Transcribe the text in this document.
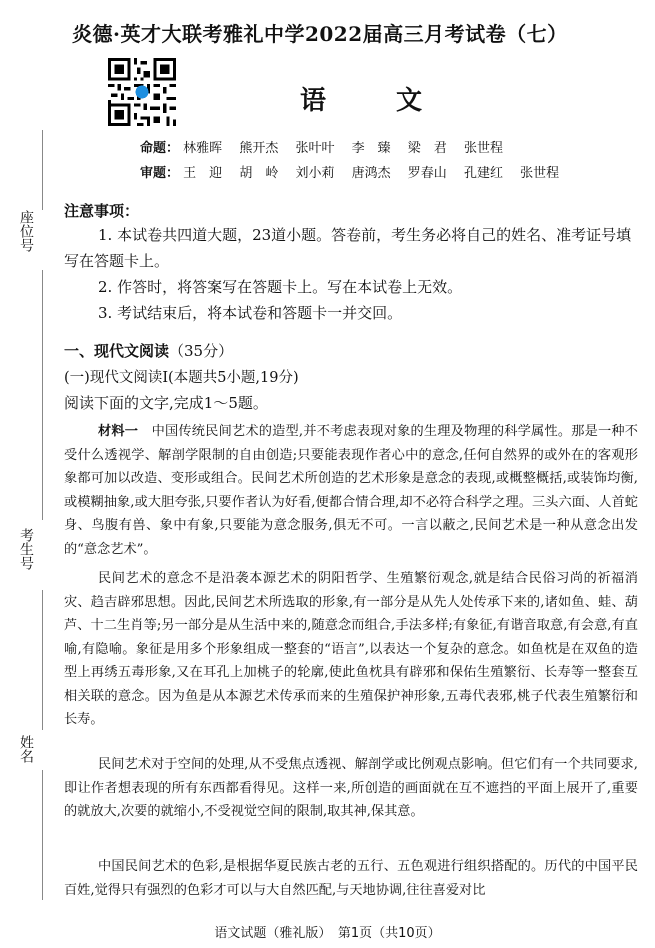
炎德·英才大联考雅礼中学2022届高三月考试卷（七）
语　文
命题： 林雅晖 熊开杰 张叶叶 李　臻 梁　君 张世程
审题： 王　迎 胡　岭 刘小莉 唐鸿杰 罗春山 孔建红 张世程
座位号
考生号
姓名
注意事项：
1. 本试卷共四道大题，23道小题。答卷前，考生务必将自己的姓名、准考证号填写在答题卡上。
2. 作答时，将答案写在答题卡上。写在本试卷上无效。
3. 考试结束后，将本试卷和答题卡一并交回。
一、现代文阅读（35分）
(一)现代文阅读Ⅰ(本题共5小题,19分)
阅读下面的文字,完成1～5题。
材料一　 中国传统民间艺术的造型,并不考虑表现对象的生理及物理的科学属性。那是一种不受什么透视学、解剖学限制的自由创造;只要能表现作者心中的意念,任何自然界的或外在的客观形象都可加以改造、变形或组合。民间艺术所创造的艺术形象是意念的表现,或概整概括,或装饰均衡,或模糊抽象,或大胆夸张,只要作者认为好看,便都合情合理,却不必符合科学之理。三头六面、人首蛇身、鸟腹有兽、象中有象,只要能为意念服务,俱无不可。一言以蔽之,民间艺术是一种从意念出发的“意念艺术”。
民间艺术的意念不是沿袭本源艺术的阴阳哲学、生殖繁衍观念,就是结合民俗习尚的祈福消灾、趋吉辟邪思想。因此,民间艺术所选取的形象,有一部分是从先人处传承下来的,诸如鱼、蛙、葫芦、十二生肖等;另一部分是从生活中来的,随意念而组合,手法多样;有象征,有谐音取意,有会意,有直喻,有隐喻。象征是用多个形象组成一整套的“语言”,以表达一个复杂的意念。如鱼枕是在双鱼的造型上再绣五毒形象,又在耳孔上加桃子的轮廓,使此鱼枕具有辟邪和保佑生殖繁衍、长寿等一整套互相关联的意念。因为鱼是从本源艺术传承而来的生殖保护神形象,五毒代表邪,桃子代表生殖繁衍和长寿。
民间艺术对于空间的处理,从不受焦点透视、解剖学或比例观点影响。但它们有一个共同要求,即让作者想表现的所有东西都看得见。这样一来,所创造的画面就在互不遮挡的平面上展开了,重要的就放大,次要的就缩小,不受视觉空间的限制,取其神,保其意。
中国民间艺术的色彩,是根据华夏民族古老的五行、五色观进行组织搭配的。历代的中国平民百姓,觉得只有强烈的色彩才可以与大自然匹配,与天地协调,往往喜爱对比
语文试题（雅礼版）　第1页（共10页）
